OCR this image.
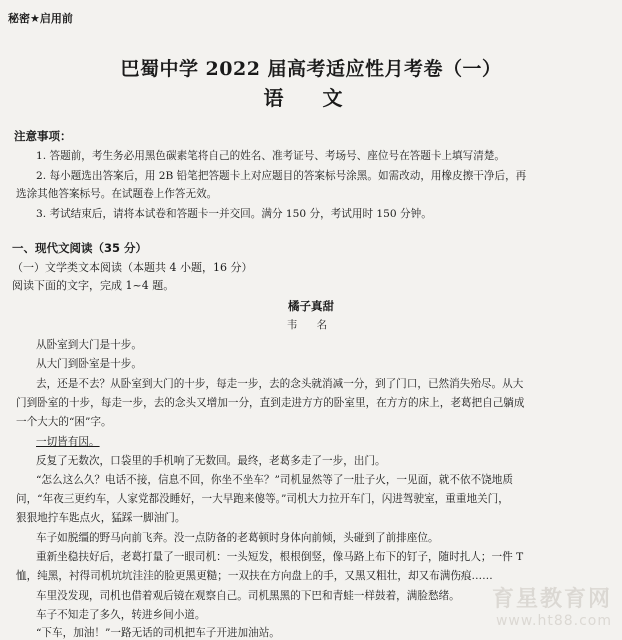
秘密★启用前
巴蜀中学 2022 届高考适应性月考卷（一）
语 文
注意事项：
1. 答题前，考生务必用黑色碳素笔将自己的姓名、准考证号、考场号、座位号在答题卡上填写清楚。
2. 每小题选出答案后，用 2B 铅笔把答题卡上对应题目的答案标号涂黑。如需改动，用橡皮擦干净后，再
选涂其他答案标号。在试题卷上作答无效。
3. 考试结束后，请将本试卷和答题卡一并交回。满分 150 分，考试用时 150 分钟。
一、现代文阅读（35 分）
（一）文学类文本阅读（本题共 4 小题，16 分）
阅读下面的文字，完成 1~4 题。
橘子真甜
韦 名
从卧室到大门是十步。
从大门到卧室是十步。
去，还是不去？从卧室到大门的十步，每走一步，去的念头就消减一分，到了门口，已然消失殆尽。从大
门到卧室的十步，每走一步，去的念头又增加一分，直到走进方方的卧室里，在方方的床上，老葛把自己躺成
一个大大的“困”字。
一切皆有因。
反复了无数次，口袋里的手机响了无数回。最终，老葛多走了一步，出门。
“怎么这么久？电话不接，信息不回，你坐不坐车？”司机显然等了一肚子火，一见面，就不依不饶地质
问，“年夜三更约车，人家党都没睡好，一大早跑来傻等。”司机大力拉开车门，闪进驾驶室，重重地关门，
狠狠地拧车匙点火，猛踩一脚油门。
车子如脱缰的野马向前飞奔。没一点防备的老葛顿时身体向前倾，头碰到了前排座位。
重新坐稳扶好后，老葛打量了一眼司机：一头短发，根根倒竖，像马路上布下的钉子，随时扎人；一件 T
恤，纯黑，衬得司机坑坑洼洼的脸更黑更糙；一双扶在方向盘上的手，又黑又粗壮，却又布满伤痕……
车里没发现，司机也借着观后镜在观察自己。司机黑黑的下巴和青蛙一样鼓着，满脸愁绪。
车子不知走了多久，转进乡间小道。
“下车，加油！”一路无话的司机把车子开进加油站。
育星教育网
www.ht88.com
